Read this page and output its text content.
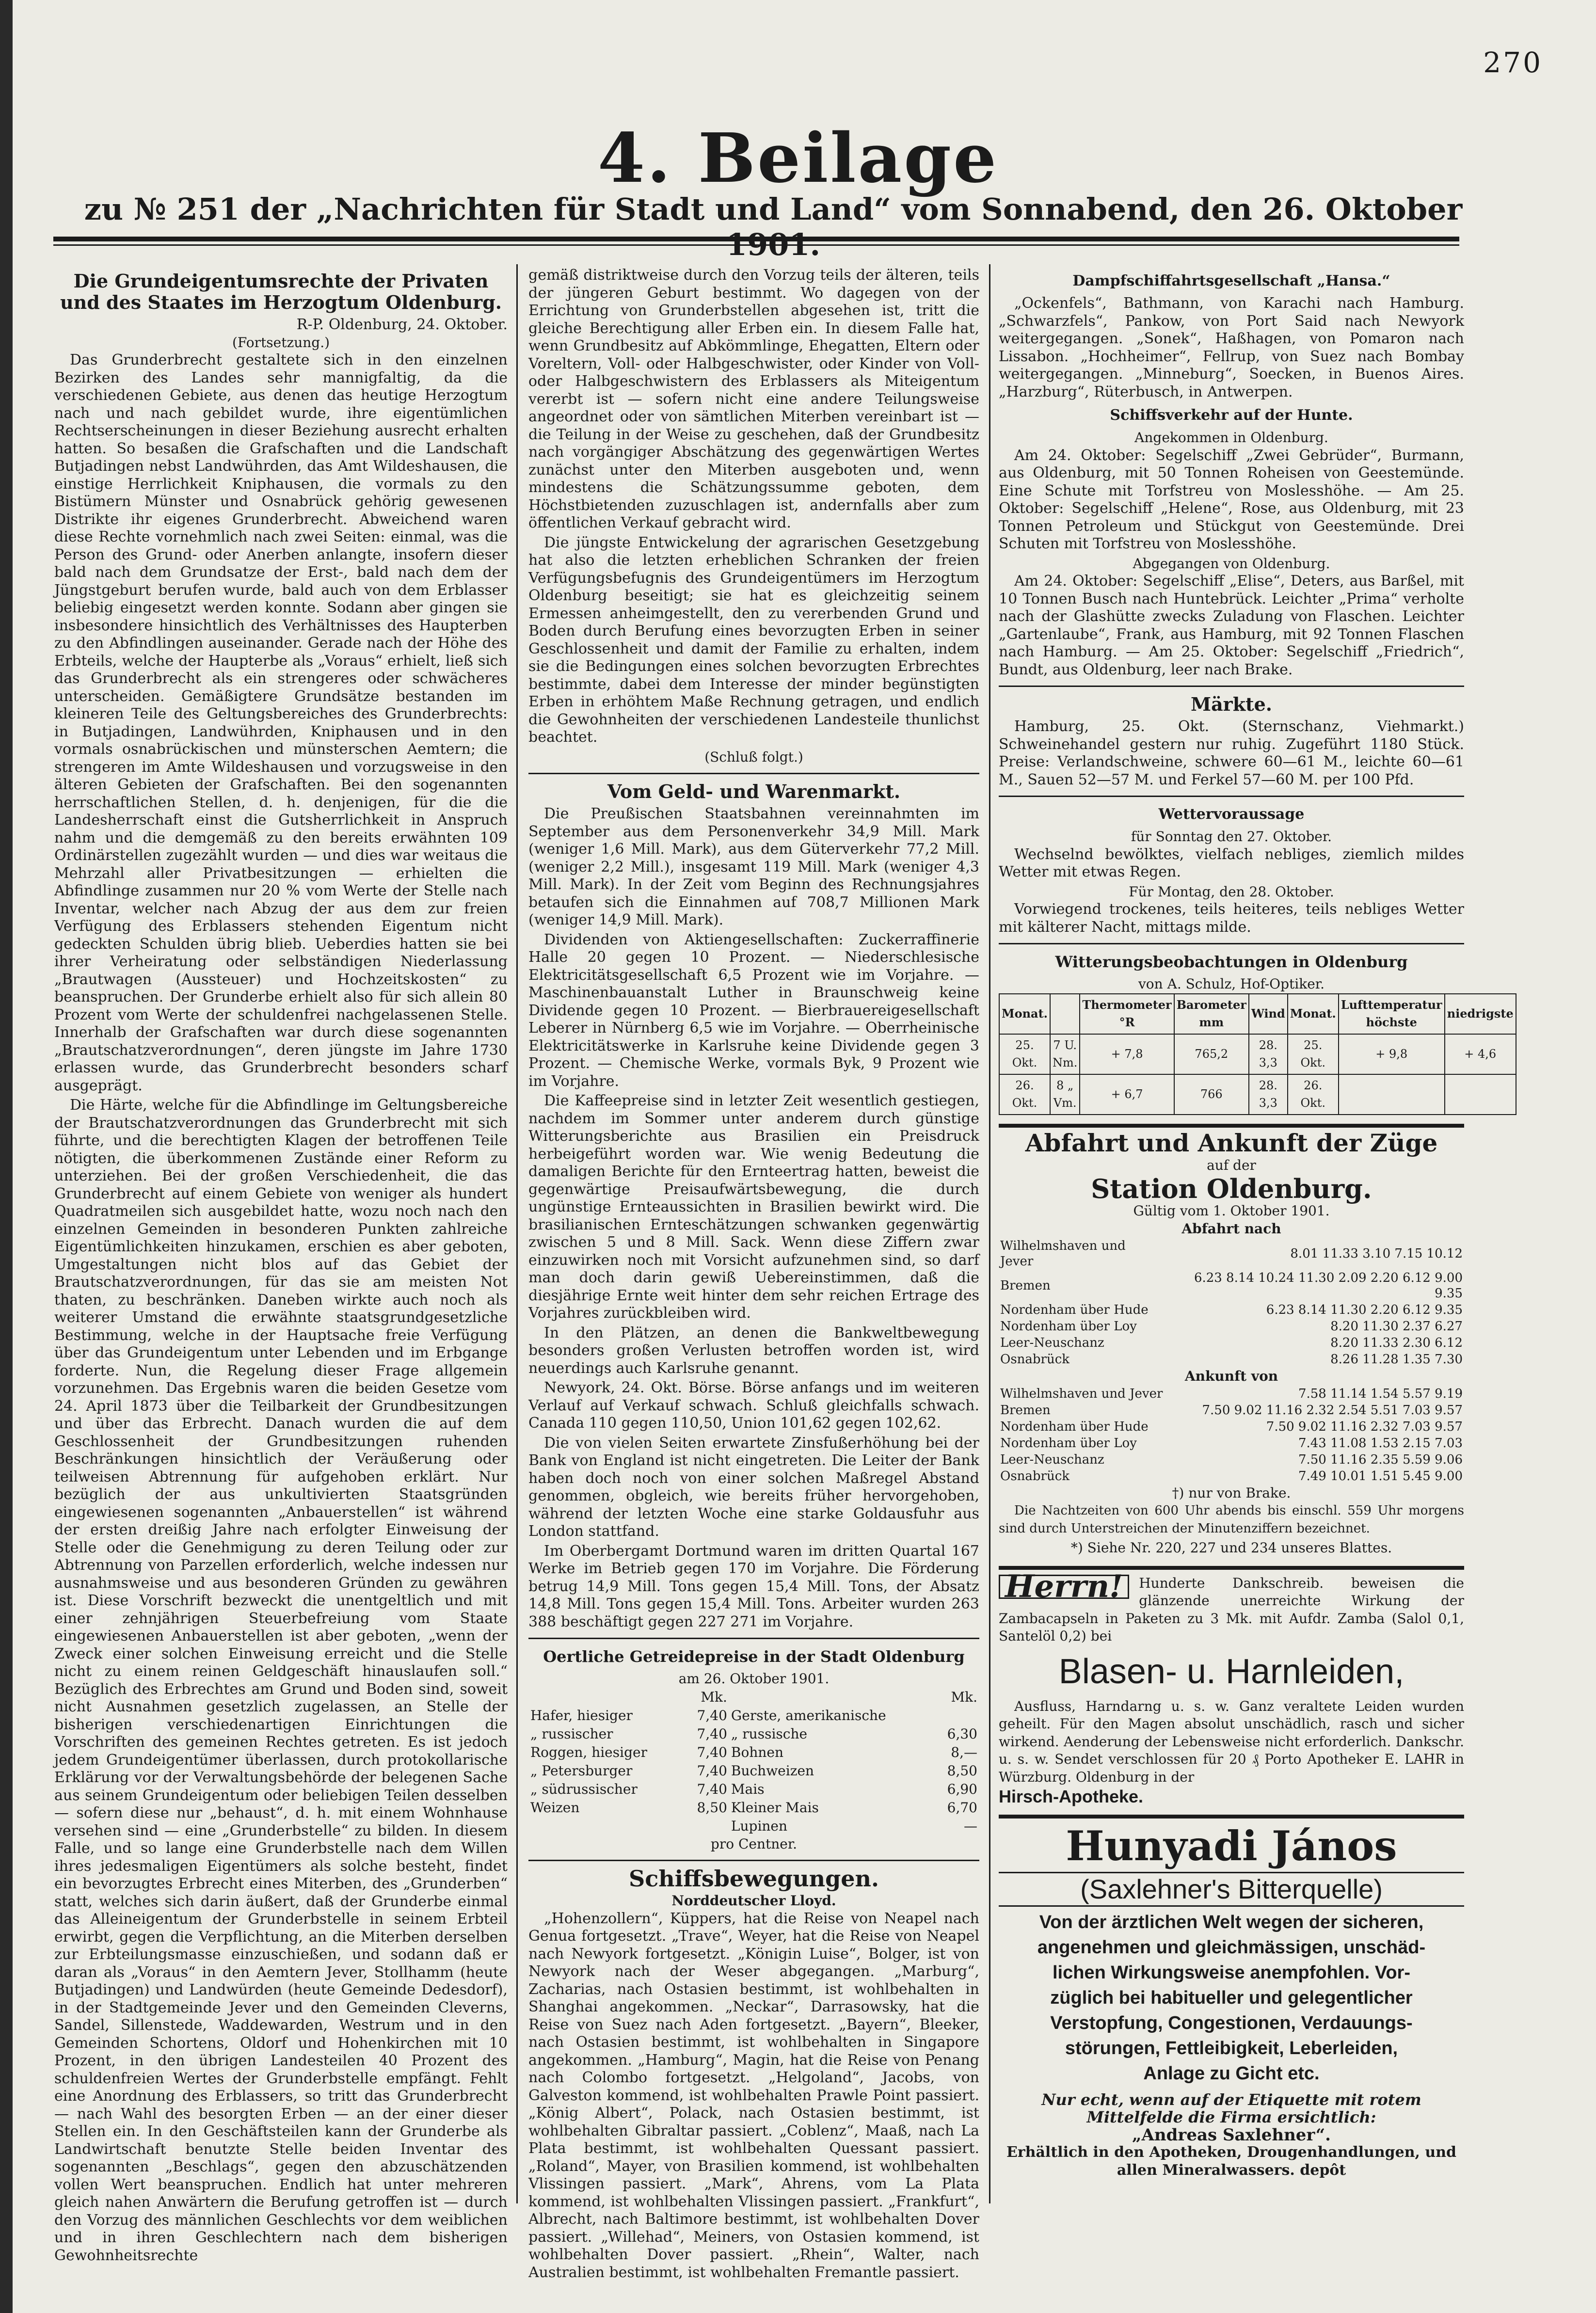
270
4. Beilage
zu № 251 der „Nachrichten für Stadt und Land“ vom Sonnabend, den 26. Oktober
Die Grundeigentumsrechte der Privaten und des Staates im Herzogtum Oldenburg.
R-P. Oldenburg, 24. Oktober.
(Fortsetzung.)

Das Grunderbrecht gestaltete sich in den einzelnen Bezirken des Landes sehr mannigfaltig, da die verschiedenen Gebiete, aus denen das heutige Herzogtum nach und nach gebildet wurde, ihre eigentümlichen Rechtserscheinungen in dieser Beziehung ausrecht erhalten hatten. So besaßen die Grafschaften und die Landschaft Butjadingen nebst Landwührden, das Amt Wildeshausen, die einstige Herrlichkeit Kniphausen, die vormals zu den Bistümern Münster und Osnabrück gehörig gewesenen Distrikte ihr eigenes Grunderbrecht. Abweichend waren diese Rechte vornehmlich nach zwei Seiten: einmal, was die Person des Grund- oder Anerben anlangte, insofern dieser bald nach dem Grundsatze der Erst-, bald nach dem der Jüngstgeburt berufen wurde, bald auch von dem Erblasser beliebig eingesetzt werden konnte. Sodann aber gingen sie insbesondere hinsichtlich des Verhältnisses des Haupterben zu den Abfindlingen auseinander. Gerade nach der Höhe des Erbteils, welche der Haupterbe als „Voraus“ erhielt, ließ sich das Grunderbrecht als ein strengeres oder schwächeres unterscheiden. Gemäßigtere Grundsätze bestanden im kleineren Teile des Geltungsbereiches des Grunderbrechts: in Butjadingen, Landwührden, Kniphausen und in den vormals osnabrückischen und münsterschen Aemtern; die strengeren im Amte Wildeshausen und vorzugsweise in den älteren Gebieten der Grafschaften. Bei den sogenannten herrschaftlichen Stellen, d. h. denjenigen, für die die Landesherrschaft einst die Gutsherrlichkeit in Anspruch nahm und die demgemäß zu den bereits erwähnten 109 Ordinärstellen zugezählt wurden — und dies war weitaus die Mehrzahl aller Privatbesitzungen — erhielten die Abfindlinge zusammen nur 20 % vom Werte der Stelle nach Inventar, welcher nach Abzug der aus dem zur freien Verfügung des Erblassers stehenden Eigentum nicht gedeckten Schulden übrig blieb. Ueberdies hatten sie bei ihrer Verheiratung oder selbständigen Niederlassung „Brautwagen (Aussteuer) und Hochzeitskosten“ zu beanspruchen. Der Grunderbe erhielt also für sich allein 80 Prozent vom Werte der schuldenfrei nachgelassenen Stelle. Innerhalb der Grafschaften war durch diese sogenannten „Brautschatzverordnungen“, deren jüngste im Jahre 1730 erlassen wurde, das Grunderbrecht besonders scharf ausgeprägt.

Die Härte, welche für die Abfindlinge im Geltungsbereiche der Brautschatzverordnungen das Grunderbrecht mit sich führte, und die berechtigten Klagen der betroffenen Teile nötigten, die überkommenen Zustände einer Reform zu unterziehen. Bei der großen Verschiedenheit, die das Grunderbrecht auf einem Gebiete von weniger als hundert Quadratmeilen sich ausgebildet hatte, wozu noch nach den einzelnen Gemeinden in besonderen Punkten zahlreiche Eigentümlichkeiten hinzukamen, erschien es aber geboten, Umgestaltungen nicht blos auf das Gebiet der Brautschatzverordnungen, für das sie am meisten Not thaten, zu beschränken. Daneben wirkte auch noch als weiterer Umstand die erwähnte staatsgrundgesetzliche Bestimmung, welche in der Hauptsache freie Verfügung über das Grundeigentum unter Lebenden und im Erbgange forderte. Nun, die Regelung dieser Frage allgemein vorzunehmen. Das Ergebnis waren die beiden Gesetze vom 24. April 1873 über die Teilbarkeit der Grundbesitzungen und über das Erbrecht. Danach wurden die auf dem Geschlossenheit der Grundbesitzungen ruhenden Beschränkungen hinsichtlich der Veräußerung oder teilweisen Abtrennung für aufgehoben erklärt. Nur bezüglich der aus unkultivierten Staatsgründen eingewiesenen sogenannten „Anbauerstellen“ ist während der ersten dreißig Jahre nach erfolgter Einweisung der Stelle oder die Genehmigung zu deren Teilung oder zur Abtrennung von Parzellen erforderlich, welche indessen nur ausnahmsweise und aus besonderen Gründen zu gewähren ist. Diese Vorschrift bezweckt die unentgeltlich und mit einer zehnjährigen Steuerbefreiung vom Staate eingewiesenen Anbauerstellen ist aber geboten, „wenn der Zweck einer solchen Einweisung erreicht und die Stelle nicht zu einem reinen Geldgeschäft hinauslaufen soll.“ Bezüglich des Erbrechtes am Grund und Boden sind, soweit nicht Ausnahmen gesetzlich zugelassen, an Stelle der bisherigen verschiedenartigen Einrichtungen die Vorschriften des gemeinen Rechtes getreten. Es ist jedoch jedem Grundeigentümer überlassen, durch protokollarische Erklärung vor der Verwaltungsbehörde der belegenen Sache aus seinem Grundeigentum oder beliebigen Teilen desselben — sofern diese nur „behaust“, d. h. mit einem Wohnhause versehen sind — eine „Grunderbstelle“ zu bilden. In diesem Falle, und so lange eine Grunderbstelle nach dem Willen ihres jedesmaligen Eigentümers als solche besteht, findet ein bevorzugtes Erbrecht eines Miterben, des „Grunderben“ statt, welches sich darin äußert, daß der Grunderbe einmal das Alleineigentum der Grunderbstelle in seinem Erbteil erwirbt, gegen die Verpflichtung, an die Miterben derselben zur Erbteilungsmasse einzuschießen, und sodann daß er daran als „Voraus“ in den Aemtern Jever, Stollhamm (heute Butjadingen) und Landwürden (heute Gemeinde Dedesdorf), in der Stadtgemeinde Jever und den Gemeinden Cleverns, Sandel, Sillenstede, Waddewarden, Westrum und in den Gemeinden Schortens, Oldorf und Hohenkirchen mit 10 Prozent, in den übrigen Landesteilen 40 Prozent des schuldenfreien Wertes der Grunderbstelle empfängt. Fehlt eine Anordnung des Erblassers, so tritt das Grunderbrecht — nach Wahl des besorgten Erben — an der einer dieser Stellen ein. In den Geschäftsteilen kann der Grunderbe als Landwirtschaft benutzte Stelle beiden Inventar des sogenannten „Beschlags“, gegen den abzuschätzenden vollen Wert beanspruchen. Endlich hat unter mehreren gleich nahen Anwärtern die Berufung getroffen ist — durch den Vorzug des männlichen Geschlechts vor dem weiblichen und in ihren Geschlechtern nach dem bisherigen Gewohnheitsrechte

gemäß distriktweise durch den Vorzug teils der älteren, teils der jüngeren Geburt bestimmt. Wo dagegen von der Errichtung von Grunderbstellen abgesehen ist, tritt die gleiche Berechtigung aller Erben ein. In diesem Falle hat, wenn Grundbesitz auf Abkömmlinge, Ehegatten, Eltern oder Voreltern, Voll- oder Halbgeschwister, oder Kinder von Voll- oder Halbgeschwistern des Erblassers als Miteigentum vererbt ist — sofern nicht eine andere Teilungsweise angeordnet oder von sämtlichen Miterben vereinbart ist — die Teilung in der Weise zu geschehen, daß der Grundbesitz nach vorgängiger Abschätzung des gegenwärtigen Wertes zunächst unter den Miterben ausgeboten und, wenn mindestens die Schätzungssumme geboten, dem Höchstbietenden zuzuschlagen ist, andernfalls aber zum öffentlichen Verkauf gebracht wird.

Die jüngste Entwickelung der agrarischen Gesetzgebung hat also die letzten erheblichen Schranken der freien Verfügungsbefugnis des Grundeigentümers im Herzogtum Oldenburg beseitigt; sie hat es gleichzeitig seinem Ermessen anheimgestellt, den zu vererbenden Grund und Boden durch Berufung eines bevorzugten Erben in seiner Geschlossenheit und damit der Familie zu erhalten, indem sie die Bedingungen eines solchen bevorzugten Erbrechtes bestimmte, dabei dem Interesse der minder begünstigten Erben in erhöhtem Maße Rechnung getragen, und endlich die Gewohnheiten der verschiedenen Landesteile thunlichst beachtet.

(Schluß folgt.)
Vom Geld- und Warenmarkt.

Die Preußischen Staatsbahnen vereinnahmten im September aus dem Personenverkehr 34,9 Mill. Mark (weniger 1,6 Mill. Mark), aus dem Güterverkehr 77,2 Mill. (weniger 2,2 Mill.), insgesamt 119 Mill. Mark (weniger 4,3 Mill. Mark). In der Zeit vom Beginn des Rechnungsjahres betaufen sich die Einnahmen auf 708,7 Millionen Mark (weniger 14,9 Mill. Mark).

Dividenden von Aktiengesellschaften: Zuckerraffinerie Halle 20 gegen 10 Prozent. — Niederschlesische Elektricitätsgesellschaft 6,5 Prozent wie im Vorjahre. — Maschinenbauanstalt Luther in Braunschweig keine Dividende gegen 10 Prozent. — Bierbrauereigesellschaft Leberer in Nürnberg 6,5 wie im Vorjahre. — Oberrheinische Elektricitätswerke in Karlsruhe keine Dividende gegen 3 Prozent. — Chemische Werke, vormals Byk, 9 Prozent wie im Vorjahre.

Die Kaffeepreise sind in letzter Zeit wesentlich gestiegen, nachdem im Sommer unter anderem durch günstige Witterungsberichte aus Brasilien ein Preisdruck herbeigeführt worden war. Wie wenig Bedeutung die damaligen Berichte für den Ernteertrag hatten, beweist die gegenwärtige Preisaufwärtsbewegung, die durch ungünstige Ernteaussichten in Brasilien bewirkt wird. Die brasilianischen Ernteschätzungen schwanken gegenwärtig zwischen 5 und 8 Mill. Sack. Wenn diese Ziffern zwar einzuwirken noch mit Vorsicht aufzunehmen sind, so darf man doch darin gewiß Uebereinstimmen, daß die diesjährige Ernte weit hinter dem sehr reichen Ertrage des Vorjahres zurückbleiben wird.

In den Plätzen, an denen die Bankweltbewegung besonders großen Verlusten betroffen worden ist, wird neuerdings auch Karlsruhe genannt.

Newyork, 24. Okt. Börse. Börse anfangs und im weiteren Verlauf auf Verkauf schwach. Schluß gleichfalls schwach. Canada 110 gegen 110,50, Union 101,62 gegen 102,62.

Die von vielen Seiten erwartete Zinsfußerhöhung bei der Bank von England ist nicht eingetreten. Die Leiter der Bank haben doch noch von einer solchen Maßregel Abstand genommen, obgleich, wie bereits früher hervorgehoben, während der letzten Woche eine starke Goldausfuhr aus London stattfand.

Im Oberbergamt Dortmund waren im dritten Quartal 167 Werke im Betrieb gegen 170 im Vorjahre. Die Förderung betrug 14,9 Mill. Tons gegen 15,4 Mill. Tons, der Absatz 14,8 Mill. Tons gegen 15,4 Mill. Tons. Arbeiter wurden 263 388 beschäftigt gegen 227 271 im Vorjahre.

Oertliche Getreidepreise in der Stadt Oldenburg
am 26. Oktober 1901.
	Mk.		Mk.
Hafer, hiesiger	7,40	Gerste, amerikanische	
„ russischer	7,40	„ russische	6,30
Roggen, hiesiger	7,40	Bohnen	8,—
„ Petersburger	7,40	Buchweizen	8,50
„ südrussischer	7,40	Mais	6,90
Weizen	8,50	Kleiner Mais	6,70
		Lupinen	—
pro Centner.
Schiffsbewegungen.
Norddeutscher Lloyd.

„Hohenzollern“, Küppers, hat die Reise von Neapel nach Genua fortgesetzt. „Trave“, Weyer, hat die Reise von Neapel nach Newyork fortgesetzt. „Königin Luise“, Bolger, ist von Newyork nach der Weser abgegangen. „Marburg“, Zacharias, nach Ostasien bestimmt, ist wohlbehalten in Shanghai angekommen. „Neckar“, Darrasowsky, hat die Reise von Suez nach Aden fortgesetzt. „Bayern“, Bleeker, nach Ostasien bestimmt, ist wohlbehalten in Singapore angekommen. „Hamburg“, Magin, hat die Reise von Penang nach Colombo fortgesetzt. „Helgoland“, Jacobs, von Galveston kommend, ist wohlbehalten Prawle Point passiert. „König Albert“, Polack, nach Ostasien bestimmt, ist wohlbehalten Gibraltar passiert. „Coblenz“, Maaß, nach La Plata bestimmt, ist wohlbehalten Quessant passiert. „Roland“, Mayer, von Brasilien kommend, ist wohlbehalten Vlissingen passiert. „Mark“, Ahrens, vom La Plata kommend, ist wohlbehalten Vlissingen passiert. „Frankfurt“, Albrecht, nach Baltimore bestimmt, ist wohlbehalten Dover passiert. „Willehad“, Meiners, von Ostasien kommend, ist wohlbehalten Dover passiert. „Rhein“, Walter, nach Australien bestimmt, ist wohlbehalten Fremantle passiert.

Dampfschiffahrtsgesellschaft „Hansa.“

„Ockenfels“, Bathmann, von Karachi nach Hamburg. „Schwarzfels“, Pankow, von Port Said nach Newyork weitergegangen. „Sonek“, Haßhagen, von Pomaron nach Lissabon. „Hochheimer“, Fellrup, von Suez nach Bombay weitergegangen. „Minneburg“, Soecken, in Buenos Aires. „Harzburg“, Rüterbusch, in Antwerpen.

Schiffsverkehr auf der Hunte.
Angekommen in Oldenburg.

Am 24. Oktober: Segelschiff „Zwei Gebrüder“, Burmann, aus Oldenburg, mit 50 Tonnen Roheisen von Geestemünde. Eine Schute mit Torfstreu von Moslesshöhe. — Am 25. Oktober: Segelschiff „Helene“, Rose, aus Oldenburg, mit 23 Tonnen Petroleum und Stückgut von Geestemünde. Drei Schuten mit Torfstreu von Moslesshöhe.

Abgegangen von Oldenburg.

Am 24. Oktober: Segelschiff „Elise“, Deters, aus Barßel, mit 10 Tonnen Busch nach Huntebrück. Leichter „Prima“ verholte nach der Glashütte zwecks Zuladung von Flaschen. Leichter „Gartenlaube“, Frank, aus Hamburg, mit 92 Tonnen Flaschen nach Hamburg. — Am 25. Oktober: Segelschiff „Friedrich“, Bundt, aus Oldenburg, leer nach Brake.

Märkte.

Hamburg, 25. Okt. (Sternschanz, Viehmarkt.) Schweinehandel gestern nur ruhig. Zugeführt 1180 Stück. Preise: Verlandschweine, schwere 60—61 M., leichte 60—61 M., Sauen 52—57 M. und Ferkel 57—60 M. per 100 Pfd.

Wettervoraussage
für Sonntag den 27. Oktober.

Wechselnd bewölktes, vielfach nebliges, ziemlich mildes Wetter mit etwas Regen.

Für Montag, den 28. Oktober.

Vorwiegend trockenes, teils heiteres, teils nebliges Wetter mit kälterer Nacht, mittags milde.

Witterungsbeobachtungen in Oldenburg
von A. Schulz, Hof-Optiker.
Monat.		Thermometer °R	Barometer mm	Wind	Monat.	Lufttemperatur höchste	niedrigste
25. Okt.	7 U. Nm.	+ 7,8	765,2	28. 3,3	25. Okt.	+ 9,8	+ 4,6
26. Okt.	8 „ Vm.	+ 6,7	766	28. 3,3	26. Okt.		
Abfahrt und Ankunft der Züge
auf der
Station Oldenburg.
Gültig vom 1. Oktober 1901.
Abfahrt nach
Wilhelmshaven und Jever	8.01 11.33 3.10 7.15 10.12
Bremen	6.23 8.14 10.24 11.30 2.09 2.20 6.12 9.00 9.35
Nordenham über Hude	6.23 8.14 11.30 2.20 6.12 9.35
Nordenham über Loy	8.20 11.30 2.37 6.27
Leer-Neuschanz	8.20 11.33 2.30 6.12
Osnabrück	8.26 11.28 1.35 7.30
Ankunft von
Wilhelmshaven und Jever	7.58 11.14 1.54 5.57 9.19
Bremen	7.50 9.02 11.16 2.32 2.54 5.51 7.03 9.57
Nordenham über Hude	7.50 9.02 11.16 2.32 7.03 9.57
Nordenham über Loy	7.43 11.08 1.53 2.15 7.03
Leer-Neuschanz	7.50 11.16 2.35 5.59 9.06
Osnabrück	7.49 10.01 1.51 5.45 9.00
†) nur von Brake.

Die Nachtzeiten von 600 Uhr abends bis einschl. 559 Uhr morgens sind durch Unterstreichen der Minutenziffern bezeichnet.

*) Siehe Nr. 220, 227 und 234 unseres Blattes.
Herrn!	Hunderte Dankschreib. beweisen die glänzende unerreichte Wirkung der Zambacapseln in Paketen zu 3 Mk. mit Aufdr. Zamba (Salol 0,1, Santelöl 0,2) bei
Blasen- u. Harnleiden,

Ausfluss, Harndarng u. s. w. Ganz veraltete Leiden wurden geheilt. Für den Magen absolut unschädlich, rasch und sicher wirkend. Aenderung der Lebensweise nicht erforderlich. Dankschr. u. s. w. Sendet verschlossen für 20 ₰ Porto Apotheker E. LAHR in Würzburg. Oldenburg in der

Hirsch-Apotheke.
Hunyadi János
(Saxlehner's Bitterquelle)
Von der ärztlichen Welt wegen der sicheren,
angenehmen und gleichmässigen, unschäd-
lichen Wirkungsweise anempfohlen. Vor-
züglich bei habitueller und gelegentlicher
Verstopfung, Congestionen, Verdauungs-
störungen, Fettleibigkeit, Leberleiden,
Anlage zu Gicht etc.
Nur echt, wenn auf der Etiquette mit rotem Mittelfelde die Firma ersichtlich:
„Andreas Saxlehner“.
Erhältlich in den Apotheken, Drougenhandlungen, und allen Mineralwassers. depôt
